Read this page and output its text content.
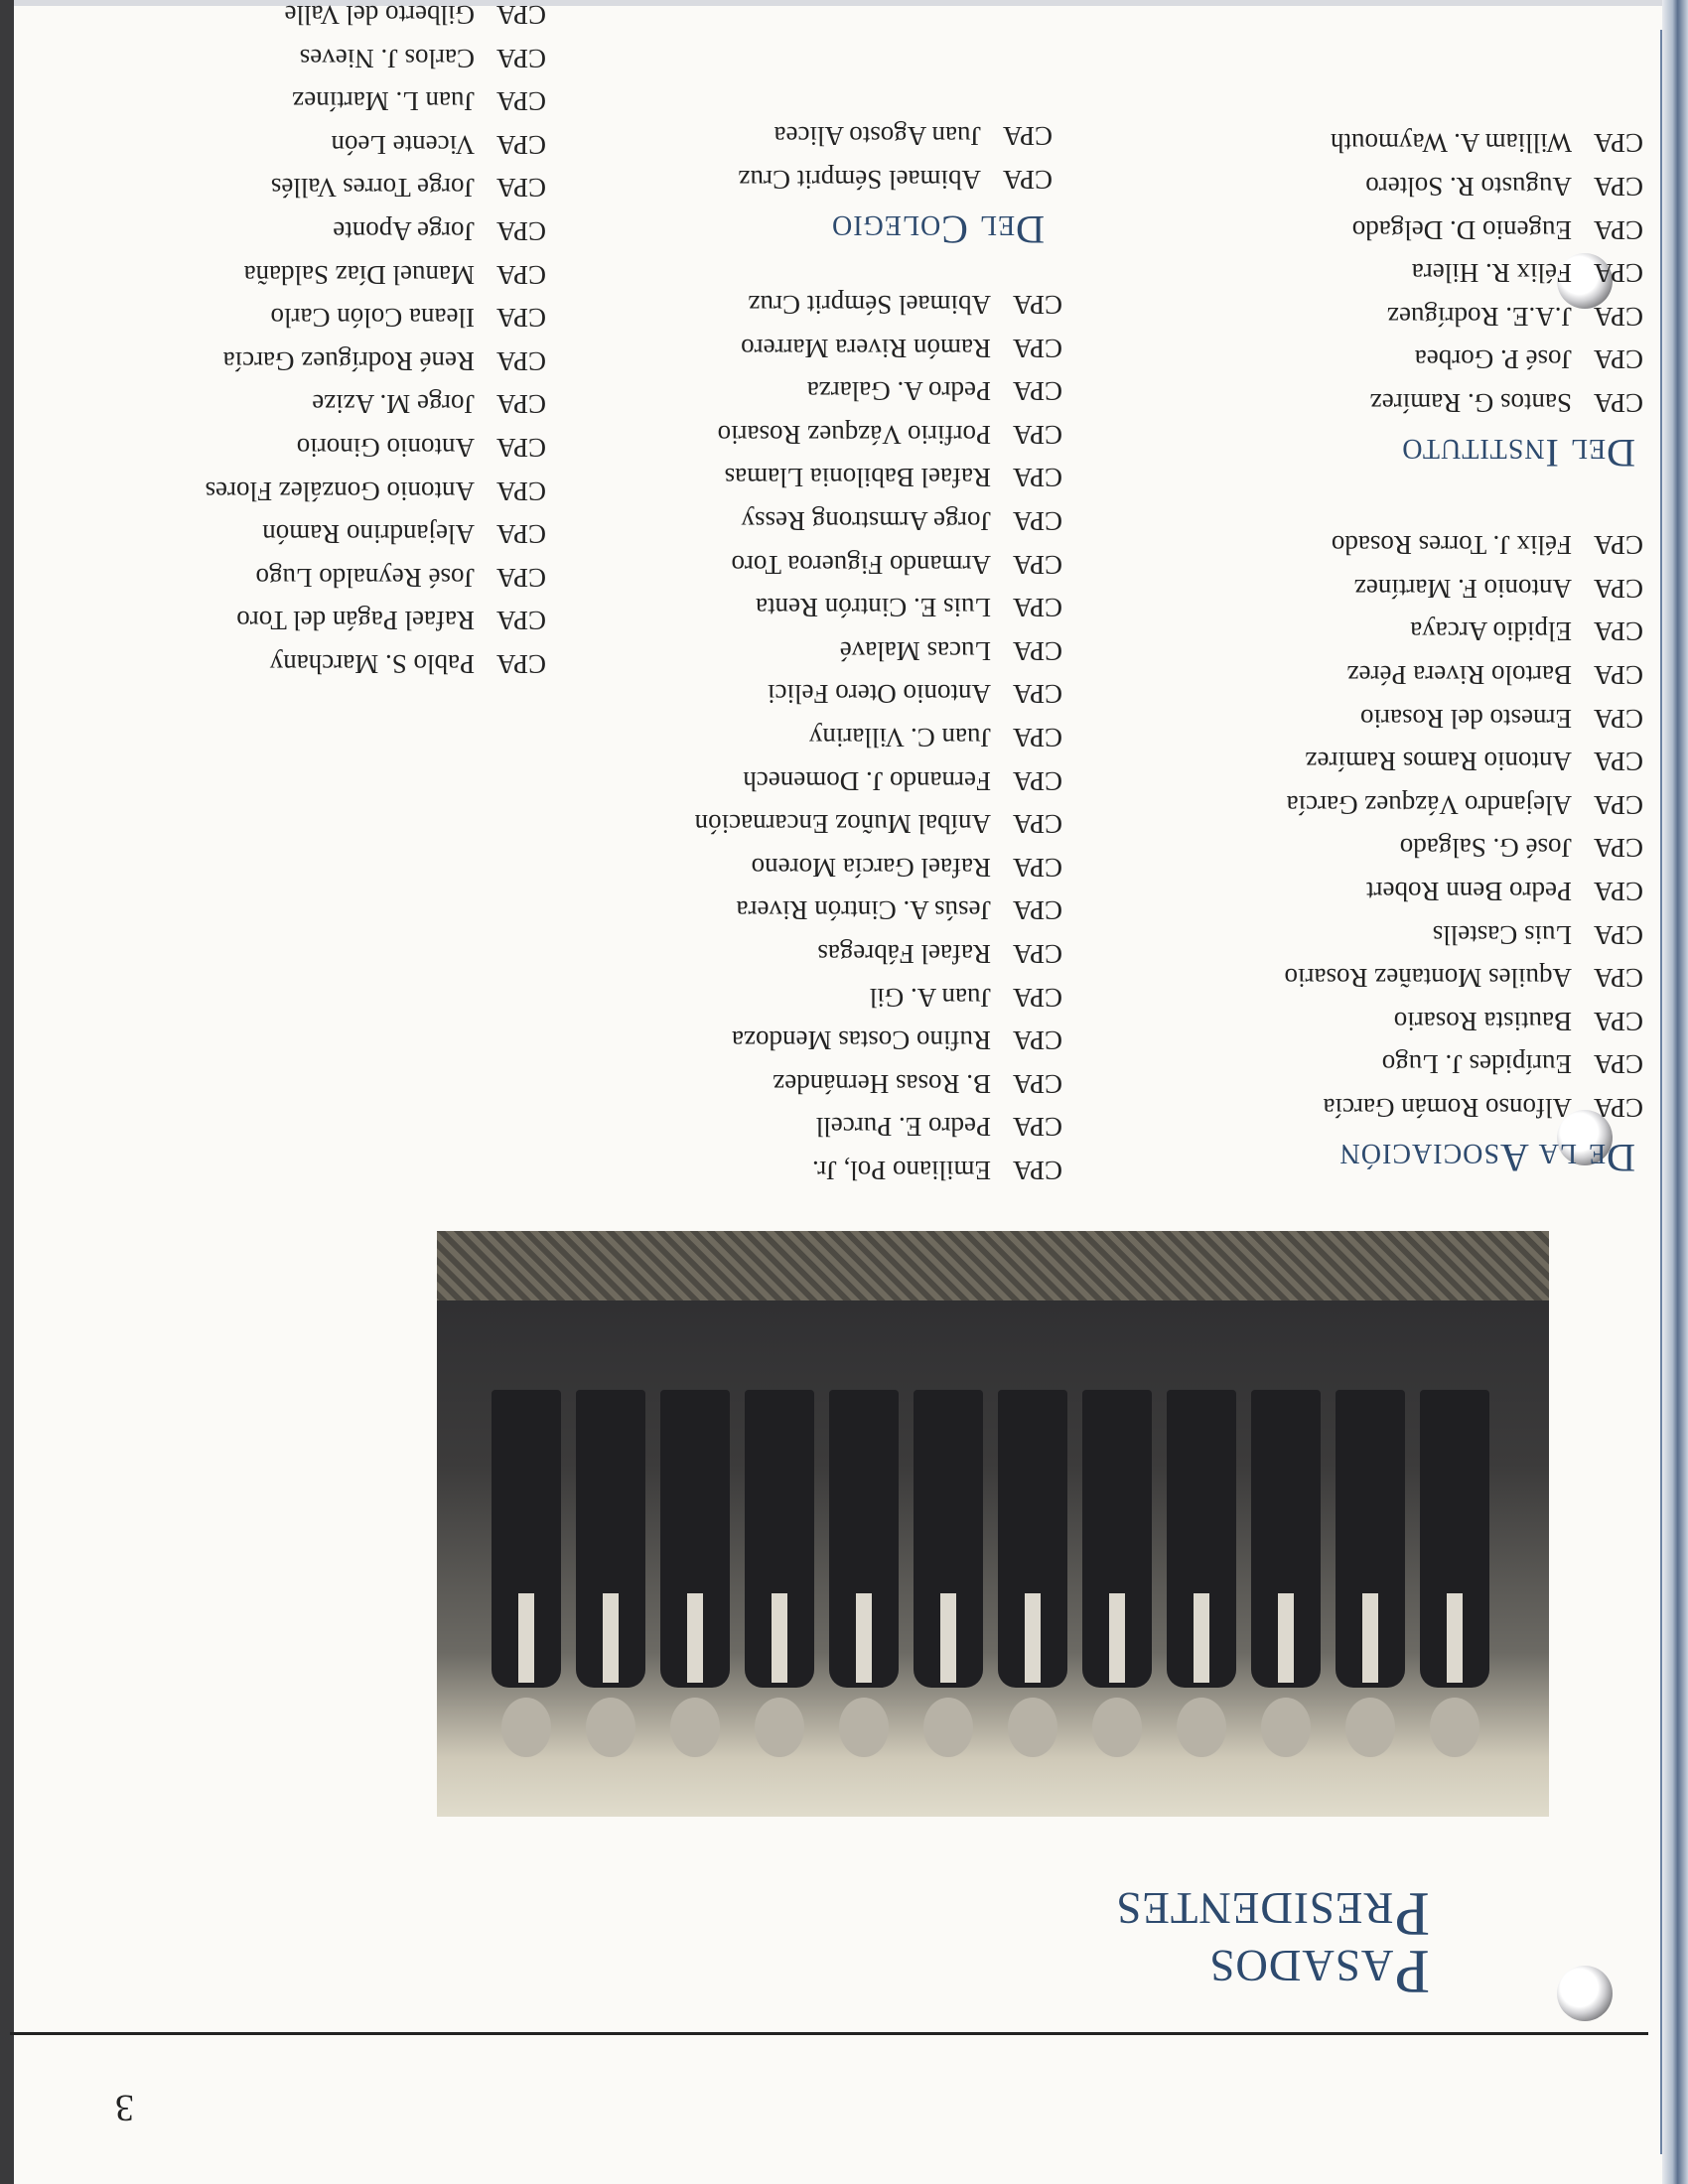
3
Pasados
Presidentes
De la Asociación
CPAAlfonso Román García
CPAEurípides J. Lugo
CPABautista Rosario
CPAAquiles Montañez Rosario
CPALuis Castells
CPAPedro Benn Robert
CPAJosé G. Salgado
CPAAlejandro Vázquez García
CPAAntonio Ramos Ramírez
CPAErnesto del Rosario
CPABartolo Rivera Pérez
CPAElpidio Arcaya
CPAAntonio F. Martínez
CPAFélix J. Torres Rosado
CPAEmiliano Pol, Jr.
CPAPedro E. Purcell
CPAB. Rosas Hernández
CPARufino Costas Mendoza
CPAJuan A. Gil
CPARafael Fábregas
CPAJesús A. Cintrón Rivera
CPARafael García Moreno
CPAAníbal Muñoz Encarnación
CPAFernando J. Domenech
CPAJuan C. Villariny
CPAAntonio Otero Felici
CPALucas Malavé
CPALuis E. Cintrón Renta
CPAArmando Figueroa Toro
CPAJorge Armstrong Ressy
CPARafael Babilonia Llamas
CPAPorfirio Vázquez Rosario
CPAPedro A. Galarza
CPARamón Rivera Marrero
CPAAbimael Sémprit Cruz
CPAPablo S. Marchany
CPARafael Pagán del Toro
CPAJosé Reynaldo Lugo
CPAAlejandrino Ramón
CPAAntonio González Flores
CPAAntonio Ginorio
CPAJorge M. Azize
CPARené Rodríguez García
CPAIleana Colón Carlo
CPAManuel Díaz Saldaña
CPAJorge Aponte
CPAJorge Torres Vallés
CPAVicente León
CPAJuan L. Martínez
CPACarlos J. Nieves
CPAGilberto del Valle
Del Instituto
CPASantos G. Ramírez
CPAJosé P. Gorbea
CPAJ.A.E. Rodríguez
CPAFélix R. Hilera
CPAEugenio D. Delgado
CPAAugusto R. Soltero
CPAWilliam A. Waymouth
Del Colegio
CPAAbimael Sémprit Cruz
CPAJuan Agosto Alicea
